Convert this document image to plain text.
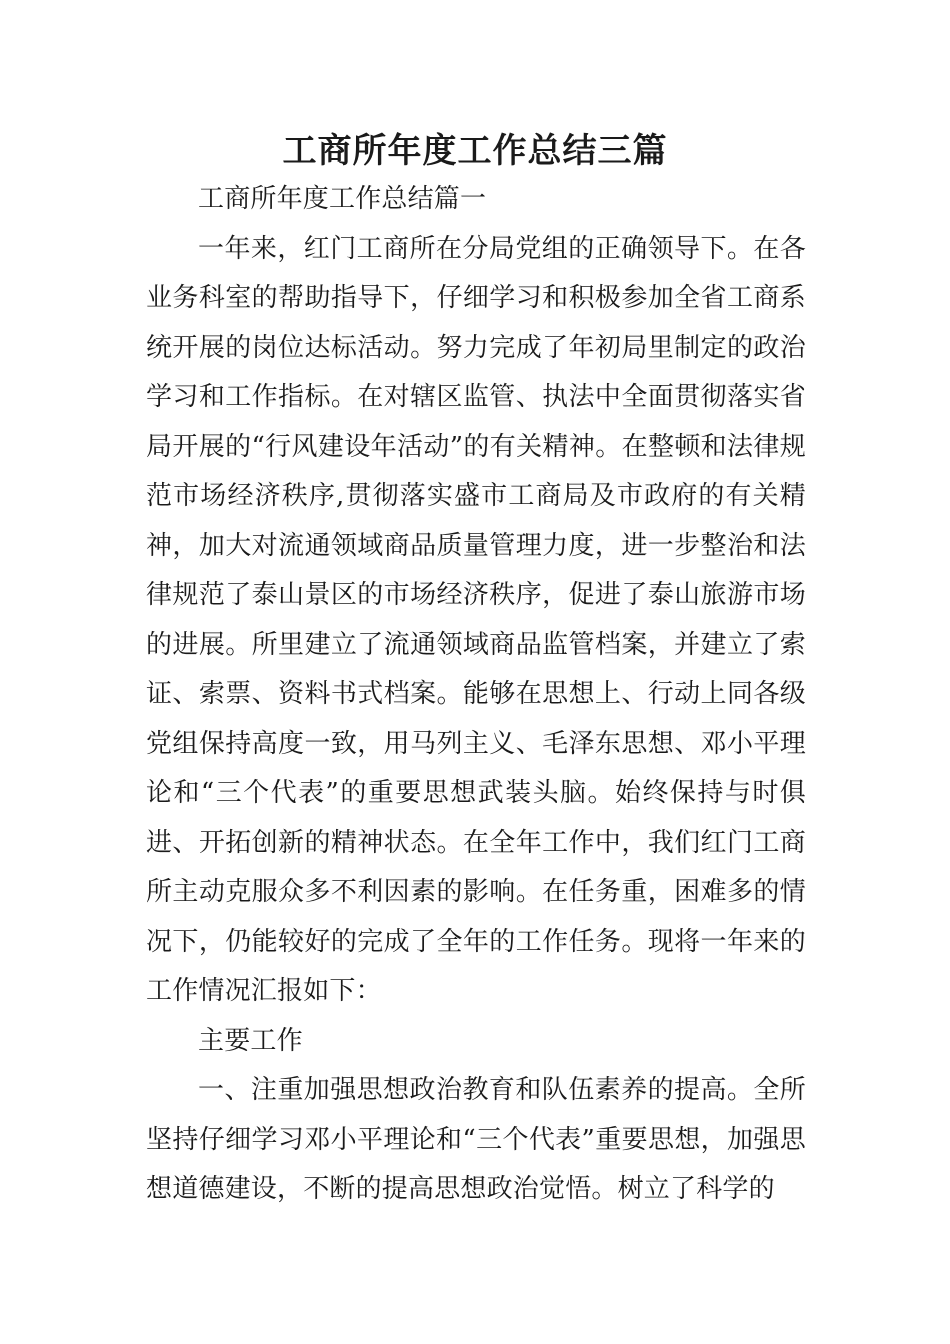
工商所年度工作总结三篇

工商所年度工作总结篇一

一年来，红门工商所在分局党组的正确领导下。在各业务科室的帮助指导下，仔细学习和积极参加全省工商系统开展的岗位达标活动。努力完成了年初局里制定的政治学习和工作指标。在对辖区监管、执法中全面贯彻落实省局开展的“行风建设年活动”的有关精神。在整顿和法律规范市场经济秩序,贯彻落实盛市工商局及市政府的有关精神，加大对流通领域商品质量管理力度，进一步整治和法律规范了泰山景区的市场经济秩序，促进了泰山旅游市场的进展。所里建立了流通领域商品监管档案，并建立了索证、索票、资料书式档案。能够在思想上、行动上同各级党组保持高度一致，用马列主义、毛泽东思想、邓小平理论和“三个代表”的重要思想武装头脑。始终保持与时俱进、开拓创新的精神状态。在全年工作中，我们红门工商所主动克服众多不利因素的影响。在任务重，困难多的情况下，仍能较好的完成了全年的工作任务。现将一年来的工作情况汇报如下：

主要工作

一、注重加强思想政治教育和队伍素养的提高。全所坚持仔细学习邓小平理论和“三个代表”重要思想，加强思想道德建设，不断的提高思想政治觉悟。树立了科学的
